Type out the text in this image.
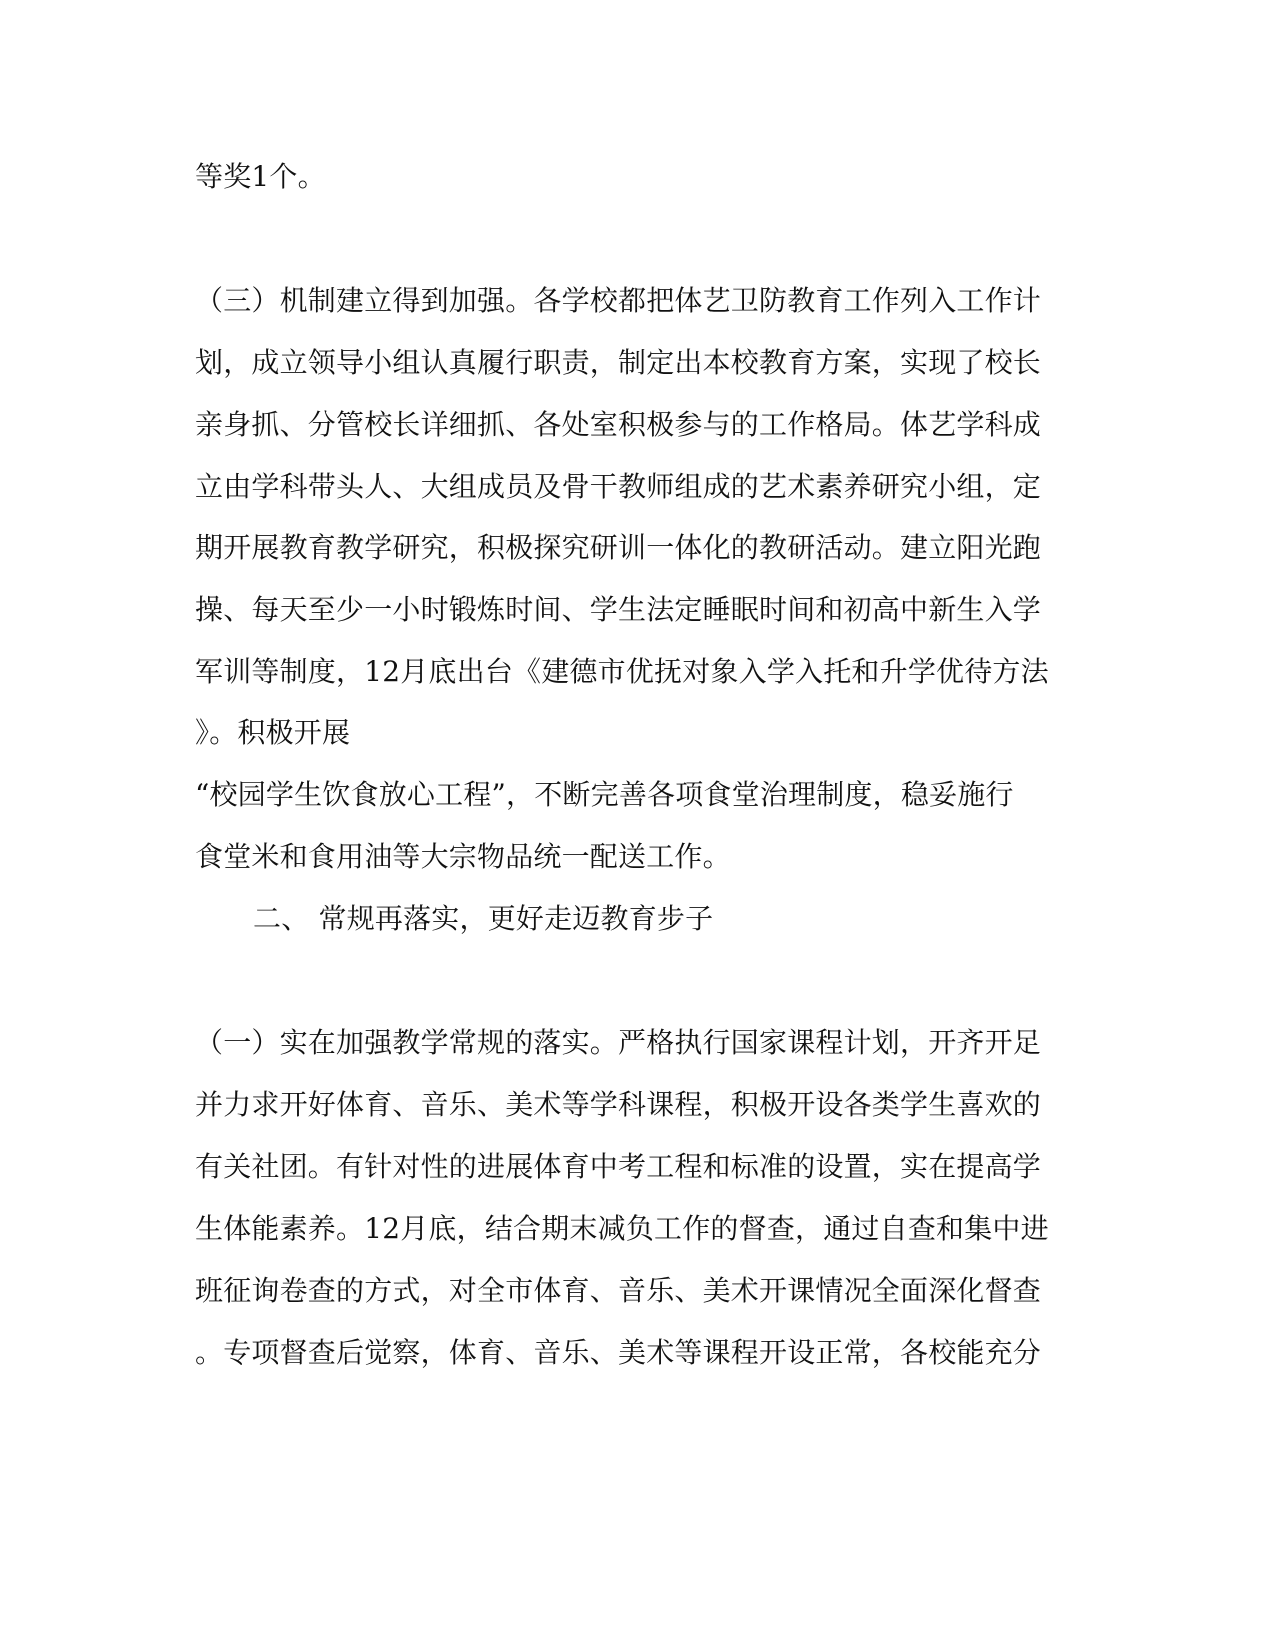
等奖1个。

（三）机制建立得到加强。各学校都把体艺卫防教育工作列入工作计

划，成立领导小组认真履行职责，制定出本校教育方案，实现了校长

亲身抓、分管校长详细抓、各处室积极参与的工作格局。体艺学科成

立由学科带头人、大组成员及骨干教师组成的艺术素养研究小组，定

期开展教育教学研究，积极探究研训一体化的教研活动。建立阳光跑

操、每天至少一小时锻炼时间、学生法定睡眠时间和初高中新生入学

军训等制度，12月底出台《建德市优抚对象入学入托和升学优待方法

》。积极开展

“校园学生饮食放心工程”，不断完善各项食堂治理制度，稳妥施行

食堂米和食用油等大宗物品统一配送工作。

二、 常规再落实，更好走迈教育步子

（一）实在加强教学常规的落实。严格执行国家课程计划，开齐开足

并力求开好体育、音乐、美术等学科课程，积极开设各类学生喜欢的

有关社团。有针对性的进展体育中考工程和标准的设置，实在提高学

生体能素养。12月底，结合期末减负工作的督查，通过自查和集中进

班征询卷查的方式，对全市体育、音乐、美术开课情况全面深化督查

。专项督查后觉察，体育、音乐、美术等课程开设正常，各校能充分
